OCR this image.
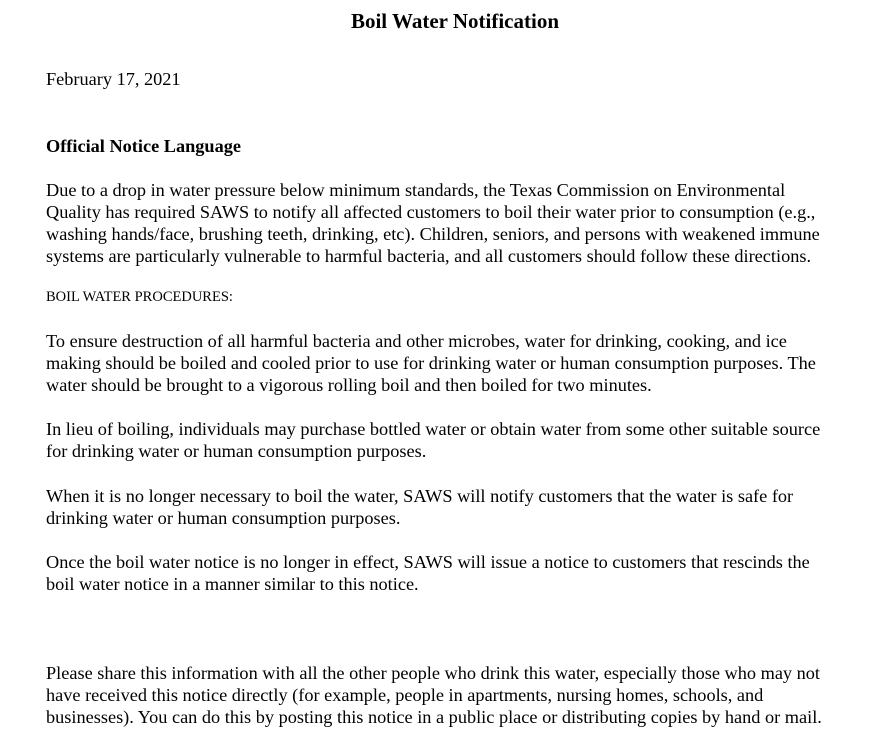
Boil Water Notification
February 17, 2021
Official Notice Language
Due to a drop in water pressure below minimum standards, the Texas Commission on Environmental
Quality has required SAWS to notify all affected customers to boil their water prior to consumption (e.g.,
washing hands/face, brushing teeth, drinking, etc). Children, seniors, and persons with weakened immune
systems are particularly vulnerable to harmful bacteria, and all customers should follow these directions.
BOIL WATER PROCEDURES:
To ensure destruction of all harmful bacteria and other microbes, water for drinking, cooking, and ice
making should be boiled and cooled prior to use for drinking water or human consumption purposes. The
water should be brought to a vigorous rolling boil and then boiled for two minutes.
In lieu of boiling, individuals may purchase bottled water or obtain water from some other suitable source
for drinking water or human consumption purposes.
When it is no longer necessary to boil the water, SAWS will notify customers that the water is safe for
drinking water or human consumption purposes.
Once the boil water notice is no longer in effect, SAWS will issue a notice to customers that rescinds the
boil water notice in a manner similar to this notice.
Please share this information with all the other people who drink this water, especially those who may not
have received this notice directly (for example, people in apartments, nursing homes, schools, and
businesses). You can do this by posting this notice in a public place or distributing copies by hand or mail.
